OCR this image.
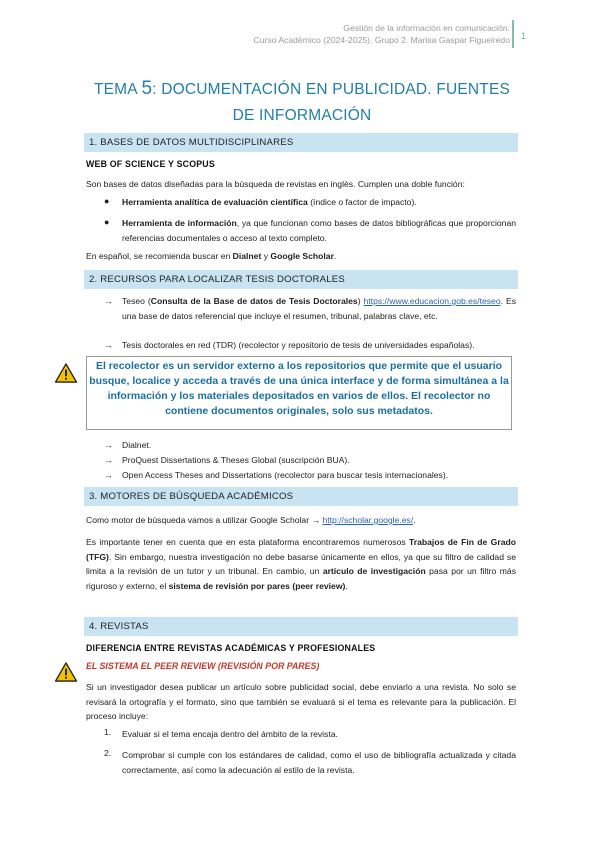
Gestión de la información en comunicación.
Curso Académico (2024-2025). Grupo 2. Marisa Gaspar Figueiredo 1
TEMA 5: DOCUMENTACIÓN EN PUBLICIDAD. FUENTES
DE INFORMACIÓN
1. BASES DE DATOS MULTIDISCIPLINARES
WEB OF SCIENCE Y SCOPUS
Son bases de datos diseñadas para la búsqueda de revistas en inglés. Cumplen una doble función:
●	Herramienta analítica de evaluación científica (índice o factor de impacto).
●	Herramienta de información, ya que funcionan como bases de datos bibliográficas que proporcionan referencias documentales o acceso al texto completo.
En español, se recomienda buscar en Dialnet y Google Scholar.
2. RECURSOS PARA LOCALIZAR TESIS DOCTORALES
→ Teseo (Consulta de la Base de datos de Tesis Doctorales) https://www.educacion.gob.es/teseo. Es una base de datos referencial que incluye el resumen, tribunal, palabras clave, etc.
→ Tesis doctorales en red (TDR) (recolector y repositorio de tesis de universidades españolas).
El recolector es un servidor externo a los repositorios que permite que el usuario busque, localice y acceda a través de una única interface y de forma simultánea a la información y los materiales depositados en varios de ellos. El recolector no contiene documentos originales, solo sus metadatos.
→ Dialnet.
→ ProQuest Dissertations & Theses Global (suscripción BUA).
→ Open Access Theses and Dissertations (recolector para buscar tesis internacionales).
3. MOTORES DE BÚSQUEDA ACADÉMICOS
Como motor de búsqueda vamos a utilizar Google Scholar → http://scholar.google.es/.
Es importante tener en cuenta que en esta plataforma encontraremos numerosos Trabajos de Fin de Grado (TFG). Sin embargo, nuestra investigación no debe basarse únicamente en ellos, ya que su filtro de calidad se limita a la revisión de un tutor y un tribunal. En cambio, un artículo de investigación pasa por un filtro más riguroso y externo, el sistema de revisión por pares (peer review).
4. REVISTAS
DIFERENCIA ENTRE REVISTAS ACADÉMICAS Y PROFESIONALES
EL SISTEMA EL PEER REVIEW (REVISIÓN POR PARES)
Si un investigador desea publicar un artículo sobre publicidad social, debe enviarlo a una revista. No solo se revisará la ortografía y el formato, sino que también se evaluará si el tema es relevante para la publicación. El proceso incluye:
1. Evaluar si el tema encaja dentro del ámbito de la revista.
2. Comprobar si cumple con los estándares de calidad, como el uso de bibliografía actualizada y citada correctamente, así como la adecuación al estilo de la revista.
